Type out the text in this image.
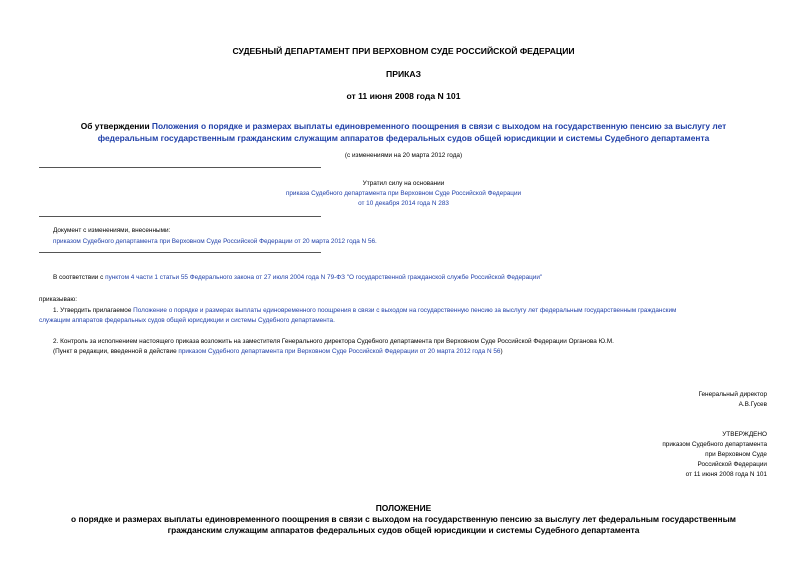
СУДЕБНЫЙ ДЕПАРТАМЕНТ ПРИ ВЕРХОВНОМ СУДЕ РОССИЙСКОЙ ФЕДЕРАЦИИ
ПРИКАЗ
от 11 июня 2008 года N 101
Об утверждении Положения о порядке и размерах выплаты единовременного поощрения в связи с выходом на государственную пенсию за выслугу лет
федеральным государственным гражданским служащим аппаратов федеральных судов общей юрисдикции и системы Судебного департамента
(с изменениями на 20 марта 2012 года)
Утратил силу на основании
приказа Судебного департамента при Верховном Суде Российской Федерации
от 10 декабря 2014 года N 283
Документ с изменениями, внесенными:
приказом Судебного департамента при Верховном Суде Российской Федерации от 20 марта 2012 года N 56.
В соответствии с пунктом 4 части 1 статьи 55 Федерального закона от 27 июля 2004 года N 79-ФЗ "О государственной гражданской службе Российской Федерации"
приказываю:
1. Утвердить прилагаемое Положение о порядке и размерах выплаты единовременного поощрения в связи с выходом на государственную пенсию за выслугу лет федеральным государственным гражданским
служащим аппаратов федеральных судов общей юрисдикции и системы Судебного департамента.
2. Контроль за исполнением настоящего приказа возложить на заместителя Генерального директора Судебного департамента при Верховном Суде Российской Федерации Органова Ю.М.
(Пункт в редакции, введенной в действие приказом Судебного департамента при Верховном Суде Российской Федерации от 20 марта 2012 года N 56)
Генеральный директор
А.В.Гусев
УТВЕРЖДЕНО
приказом Судебного департамента
при Верховном Суде
Российской Федерации
от 11 июня 2008 года N 101
ПОЛОЖЕНИЕ
о порядке и размерах выплаты единовременного поощрения в связи с выходом на государственную пенсию за выслугу лет федеральным государственным
гражданским служащим аппаратов федеральных судов общей юрисдикции и системы Судебного департамента
